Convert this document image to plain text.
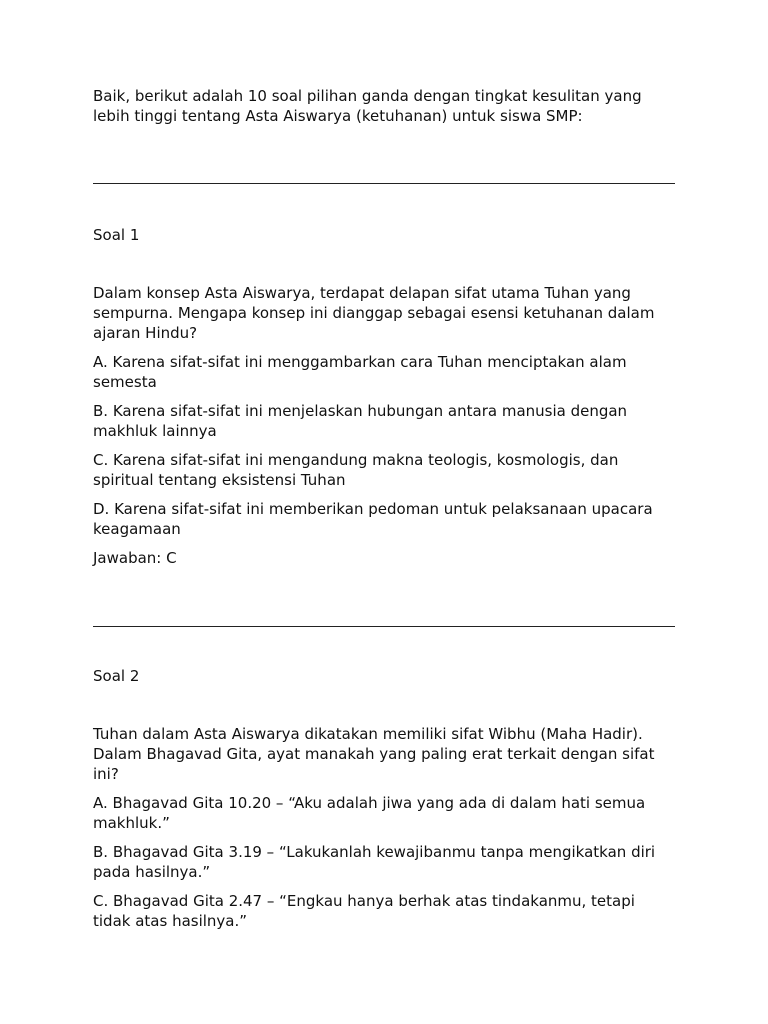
Baik, berikut adalah 10 soal pilihan ganda dengan tingkat kesulitan yang lebih tinggi tentang Asta Aiswarya (ketuhanan) untuk siswa SMP:

Soal 1

Dalam konsep Asta Aiswarya, terdapat delapan sifat utama Tuhan yang sempurna. Mengapa konsep ini dianggap sebagai esensi ketuhanan dalam ajaran Hindu?

A. Karena sifat-sifat ini menggambarkan cara Tuhan menciptakan alam semesta

B. Karena sifat-sifat ini menjelaskan hubungan antara manusia dengan makhluk lainnya

C. Karena sifat-sifat ini mengandung makna teologis, kosmologis, dan spiritual tentang eksistensi Tuhan

D. Karena sifat-sifat ini memberikan pedoman untuk pelaksanaan upacara keagamaan

Jawaban: C

Soal 2

Tuhan dalam Asta Aiswarya dikatakan memiliki sifat Wibhu (Maha Hadir). Dalam Bhagavad Gita, ayat manakah yang paling erat terkait dengan sifat ini?

A. Bhagavad Gita 10.20 – “Aku adalah jiwa yang ada di dalam hati semua makhluk.”

B. Bhagavad Gita 3.19 – “Lakukanlah kewajibanmu tanpa mengikatkan diri pada hasilnya.”

C. Bhagavad Gita 2.47 – “Engkau hanya berhak atas tindakanmu, tetapi tidak atas hasilnya.”
